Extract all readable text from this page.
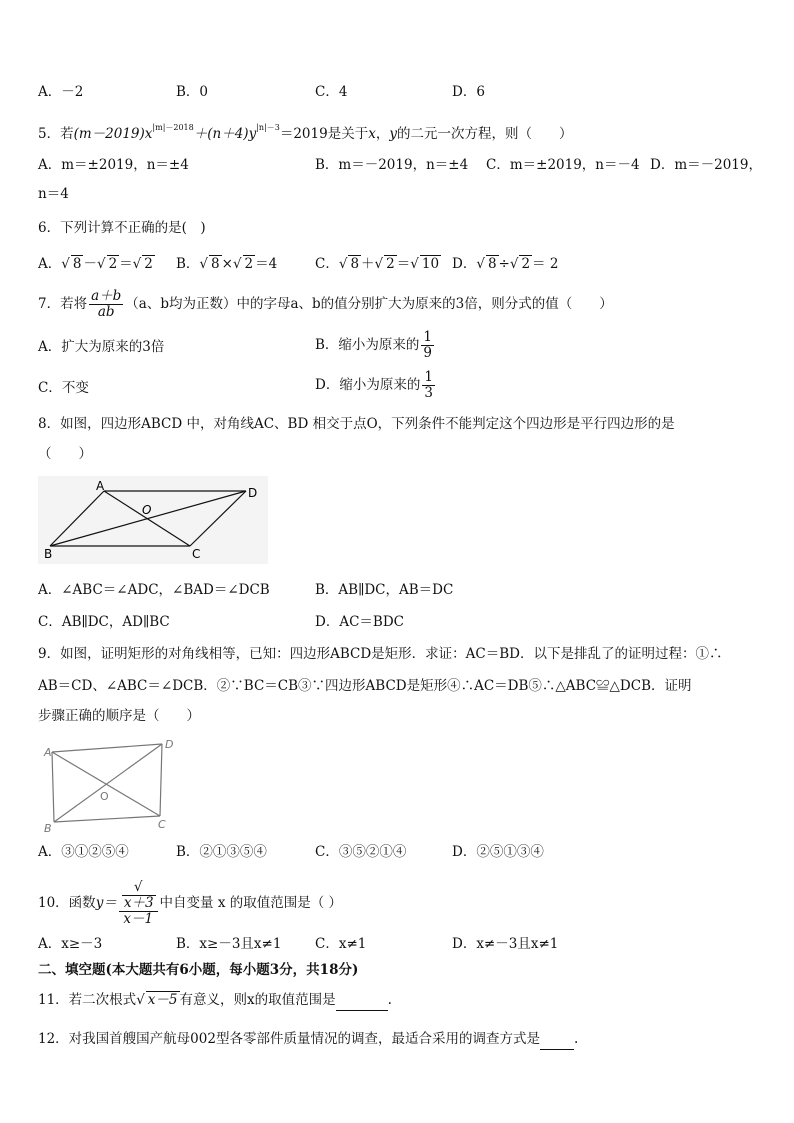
A．－2	B．0	C．4	D．6
5．若$(m-2019)x^{|m|-2018}+(n+4)y^{|n|-3}=2019$是关于x，y的二元一次方程，则（　　）
A．m＝±2019，n＝±4	B．m＝－2019，n＝±4 C．m＝±2019，n＝－4 D．m＝－2019，
n＝4
6．下列计算不正确的是(　)
A．√ 8 －√ 2 ＝√ 2 B．√ 8 ×√ 2 ＝4	C．√ 8 ＋√ 2 ＝√ 10 D．√ 8 ÷√ 2 ＝ 2
7．若将 $\frac{a+b}{ab} (a$、b均为正数）中的字母a、b的值分别扩大为原来的3倍，则分式的值（　　）
A．扩大为原来的3倍	B．缩小为原来的 $\frac{1}{9}$
C．不变	D．缩小为原来的 $\frac{1}{3}$
8．如图，四边形ABCD 中，对角线AC、BD 相交于点O，下列条件不能判定这个四边形是平行四边形的是
（　　）
A	D
B	C
O
A．∠ABC＝∠ADC，∠BAD＝∠DCB	B．AB∥DC，AB＝DC
C．AB∥DC，AD∥BC	D．AC＝BDC
9．如图，证明矩形的对角线相等，已知：四边形ABCD是矩形．求证：AC＝BD．以下是排乱了的证明过程：①∴
AB＝CD、∠ABC＝∠DCB．②∵BC＝CB③∵四边形ABCD是矩形④∴AC＝DB⑤∴△ABC≌△DCB．证明
步骤正确的顺序是（　　）
A
D
B	C
O
A．③①②⑤④	B．②①③⑤④	C．③⑤②①④	D．②⑤①③④
10．函数y＝ √
x＋3
x－1 中自变量 x 的取值范围是（ ）
A．x≥－3	B．x≥－3且x≠1 C．x≠1	D．x≠－3且x≠1
二、填空题(本大题共有6小题，每小题3分，共18分)
11．若二次根式√ x－5 有意义，则x的取值范围是	.
12．对我国首艘国产航母002型各零部件质量情况的调查，最适合采用的调查方式是	.
